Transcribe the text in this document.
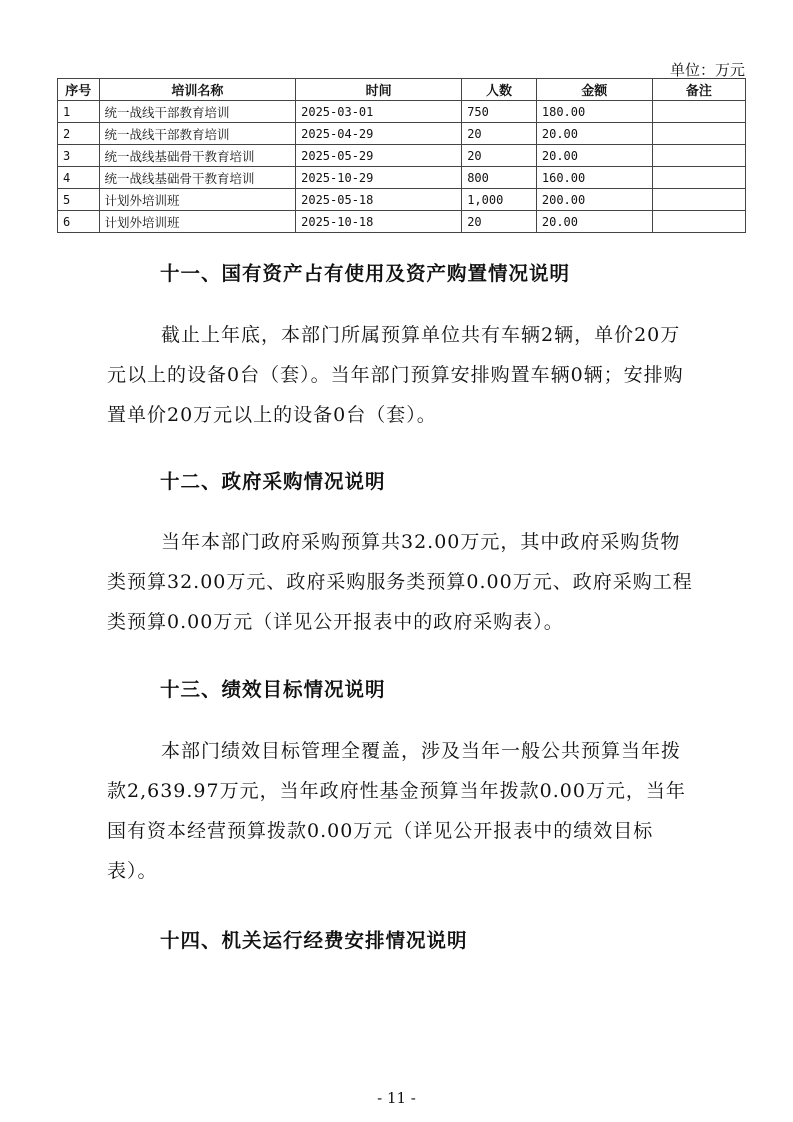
单位：万元
序号	培训名称	时间	人数	金额	备注
1	统一战线干部教育培训	2025-03-01	750	180.00	
2	统一战线干部教育培训	2025-04-29	20	20.00	
3	统一战线基础骨干教育培训	2025-05-29	20	20.00	
4	统一战线基础骨干教育培训	2025-10-29	800	160.00	
5	计划外培训班	2025-05-18	1,000	200.00	
6	计划外培训班	2025-10-18	20	20.00	
十一、国有资产占有使用及资产购置情况说明

截止上年底，本部门所属预算单位共有车辆2辆，单价20万元以上的设备0台（套）。当年部门预算安排购置车辆0辆；安排购置单价20万元以上的设备0台（套）。

十二、政府采购情况说明

当年本部门政府采购预算共32.00万元，其中政府采购货物类预算32.00万元、政府采购服务类预算0.00万元、政府采购工程类预算0.00万元（详见公开报表中的政府采购表）。

十三、绩效目标情况说明

本部门绩效目标管理全覆盖，涉及当年一般公共预算当年拨款2,639.97万元，当年政府性基金预算当年拨款0.00万元，当年国有资本经营预算拨款0.00万元（详见公开报表中的绩效目标表）。

十四、机关运行经费安排情况说明
- 11 -
